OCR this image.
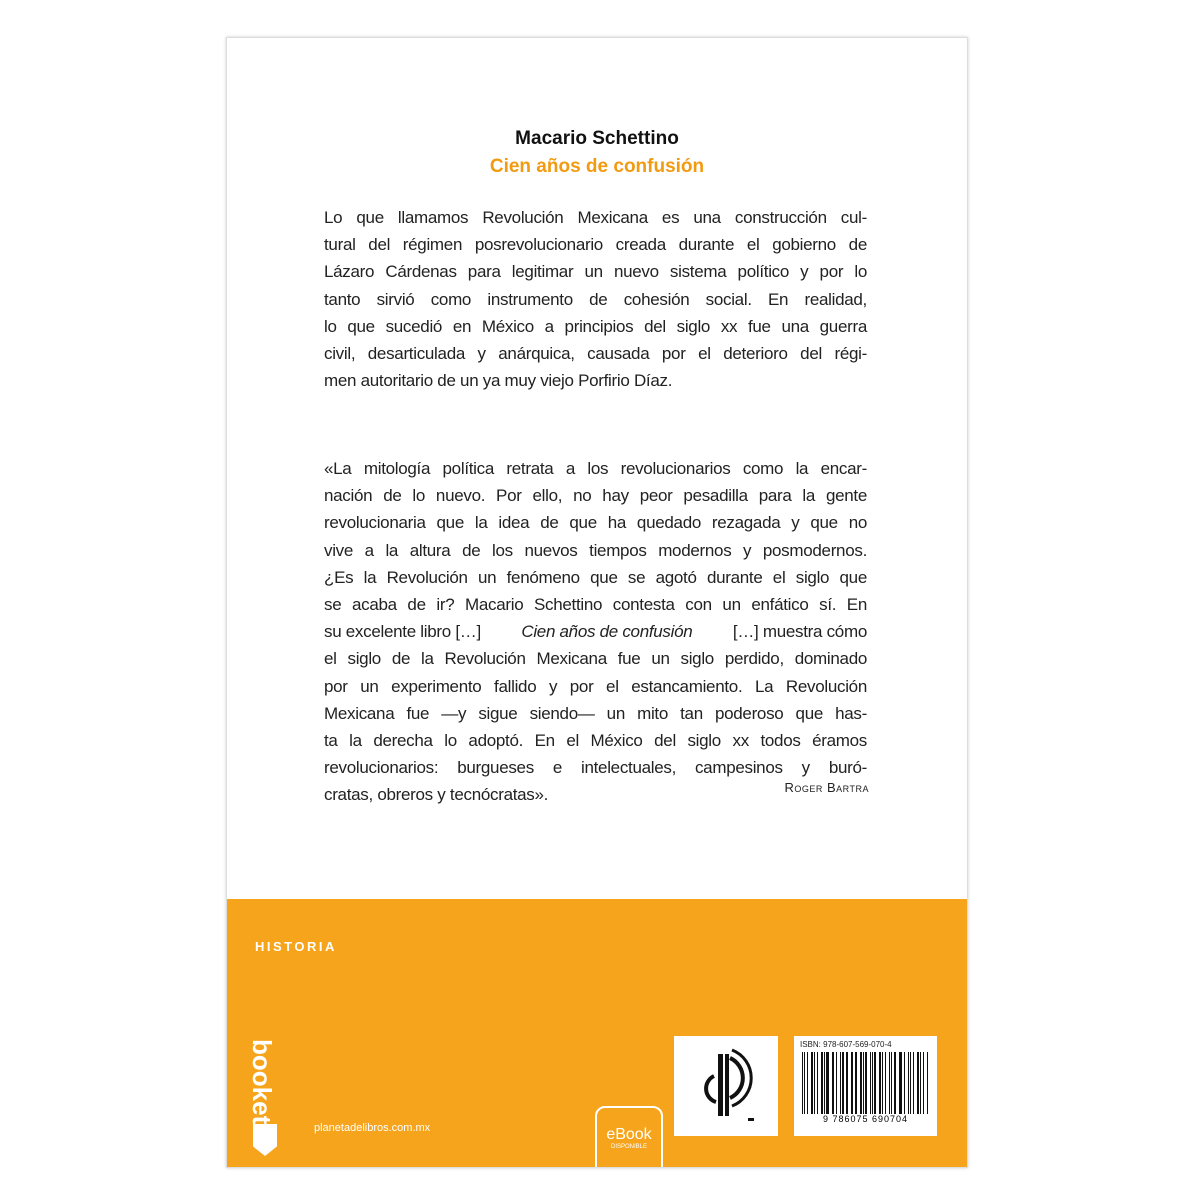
Macario Schettino
Cien años de confusión
Lo que llamamos Revolución Mexicana es una construcción cul-
tural del régimen posrevolucionario creada durante el gobierno de
Lázaro Cárdenas para legitimar un nuevo sistema político y por lo
tanto sirvió como instrumento de cohesión social. En realidad,
lo que sucedió en México a principios del siglo xx fue una guerra
civil, desarticulada y anárquica, causada por el deterioro del régi-
men autoritario de un ya muy viejo Porfirio Díaz.
«La mitología política retrata a los revolucionarios como la encar-
nación de lo nuevo. Por ello, no hay peor pesadilla para la gente
revolucionaria que la idea de que ha quedado rezagada y que no
vive a la altura de los nuevos tiempos modernos y posmodernos.
¿Es la Revolución un fenómeno que se agotó durante el siglo que
se acaba de ir? Macario Schettino contesta con un enfático sí. En
su excelente libro […] Cien años de confusión […] muestra cómo
el siglo de la Revolución Mexicana fue un siglo perdido, dominado
por un experimento fallido y por el estancamiento. La Revolución
Mexicana fue —y sigue siendo— un mito tan poderoso que has-
ta la derecha lo adoptó. En el México del siglo xx todos éramos
revolucionarios: burgueses e intelectuales, campesinos y buró-
cratas, obreros y tecnócratas».	Roger Bartra
HISTORIA
booket
planetadelibros.com.mx	eBook
DISPONIBLE
ISBN: 978-607-569-070-4
9 786075 690704
